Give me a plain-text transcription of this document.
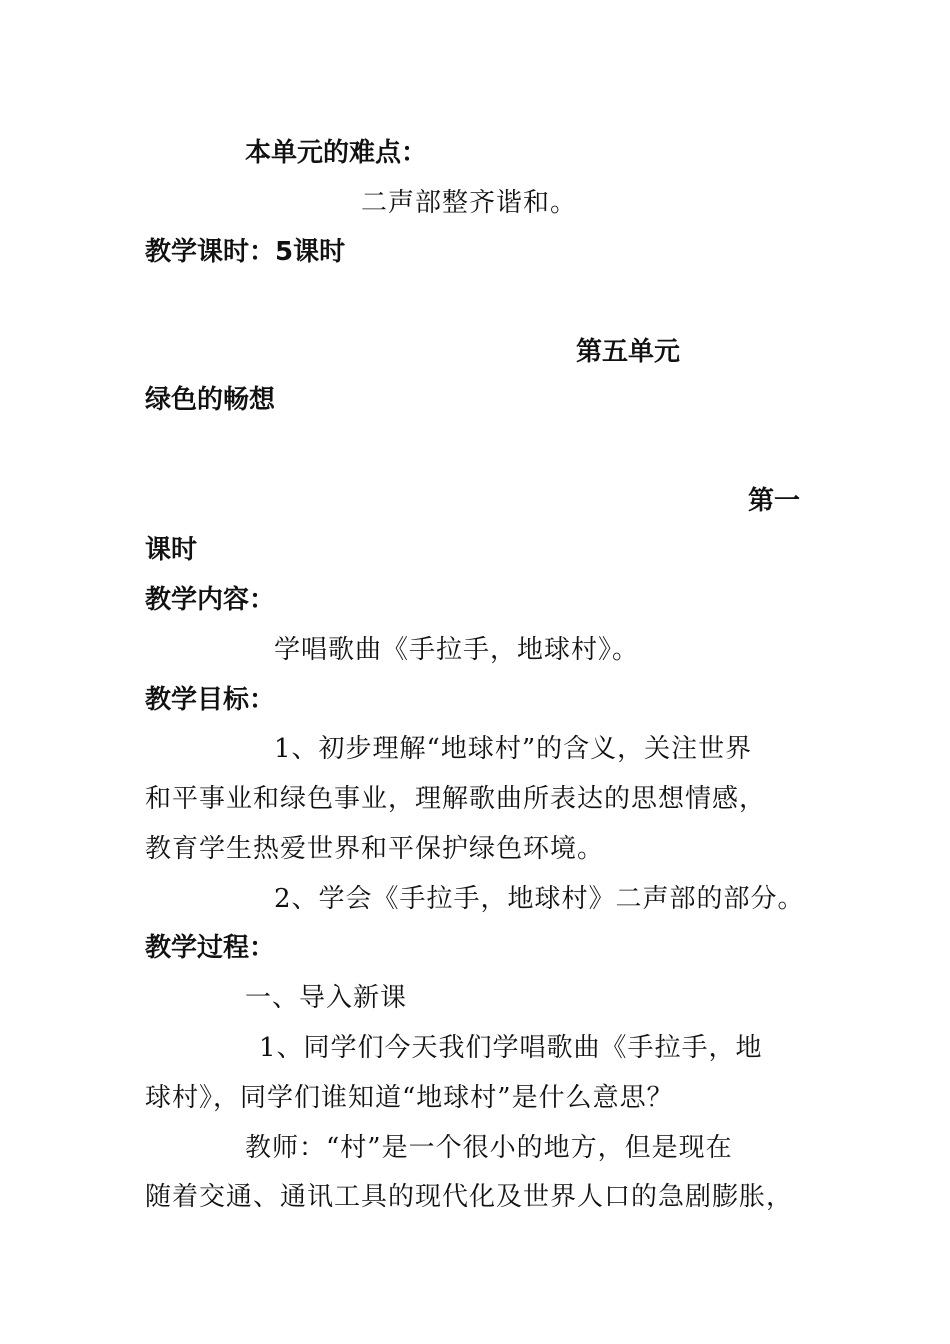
本单元的难点：
二声部整齐谐和。
教学课时：5课时
第五单元
绿色的畅想
第一
课时
教学内容：
学唱歌曲《手拉手，地球村》。
教学目标：
1、初步理解“地球村”的含义，关注世界
和平事业和绿色事业，理解歌曲所表达的思想情感，
教育学生热爱世界和平保护绿色环境。
2、学会《手拉手，地球村》二声部的部分。
教学过程：
一、导入新课
1、同学们今天我们学唱歌曲《手拉手，地
球村》，同学们谁知道“地球村”是什么意思？
教师：“村”是一个很小的地方，但是现在
随着交通、通讯工具的现代化及世界人口的急剧膨胀，
